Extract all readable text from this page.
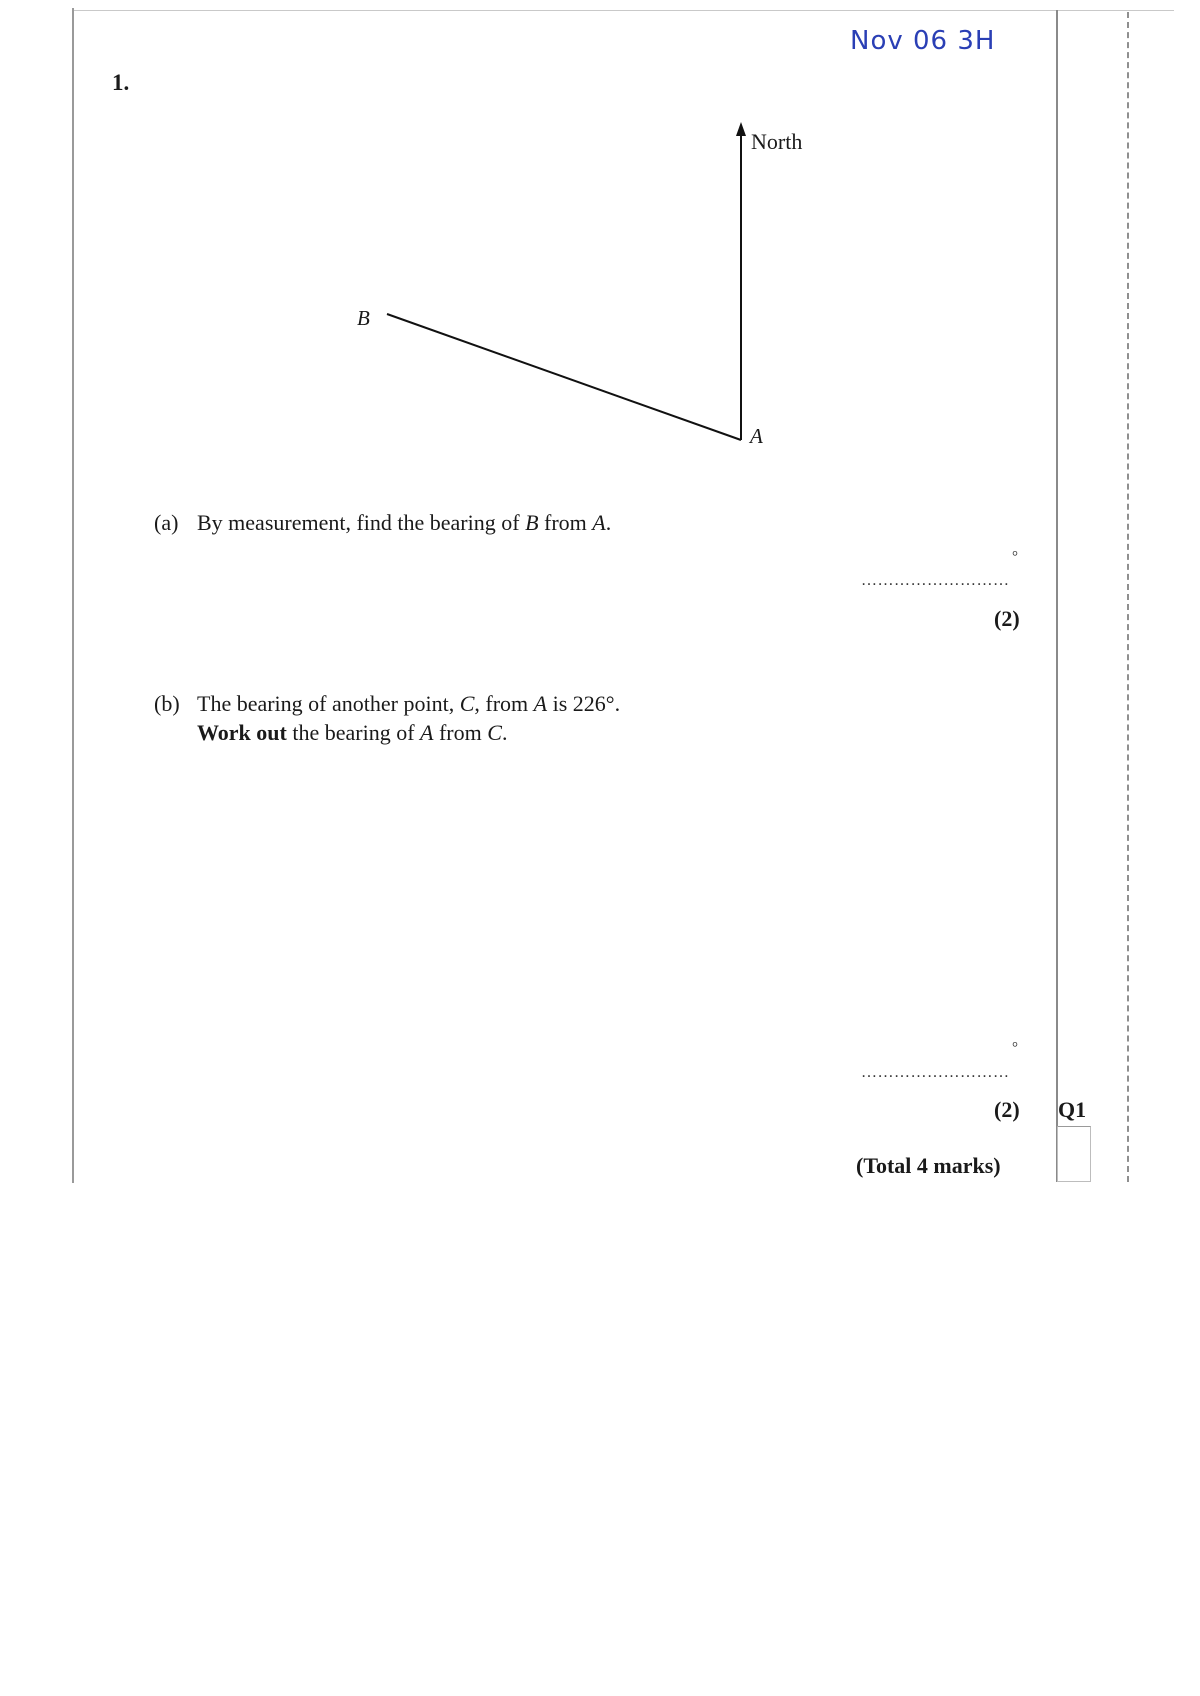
1.
Nov 06 3H
North
B
A
(a) By measurement, find the bearing of B from A.
°
………………………
(2)
(b) The bearing of another point, C, from A is 226°.
Work out the bearing of A from C.
°
………………………
(2) Q1
(Total 4 marks)
